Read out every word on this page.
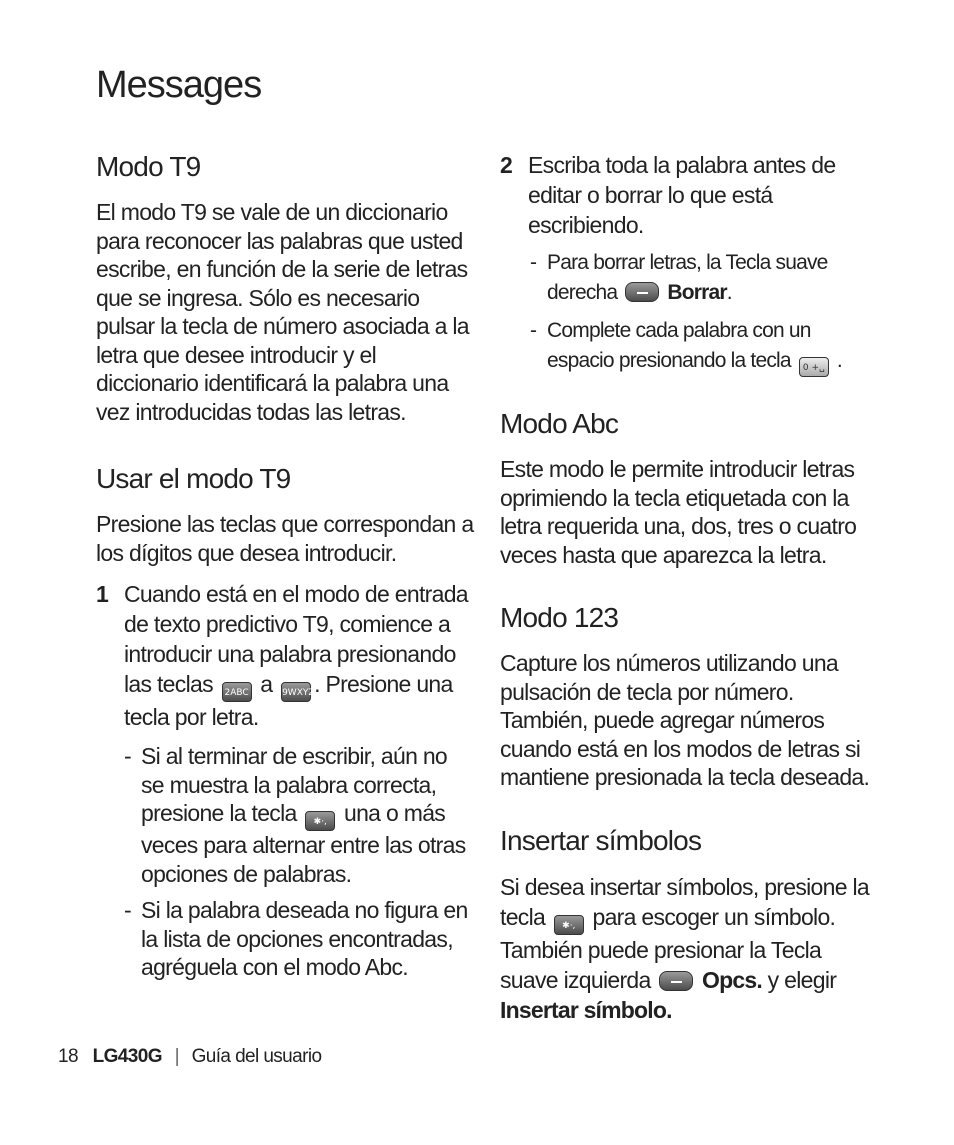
Messages
Modo T9

El modo T9 se vale de un diccionario para reconocer las palabras que usted escribe, en función de la serie de letras que se ingresa. Sólo es necesario pulsar la tecla de número asociada a la letra que desee introducir y el diccionario identificará la palabra una vez introducidas todas las letras.

Usar el modo T9

Presione las teclas que correspondan a los dígitos que desea introducir.

1 Cuando está en el modo de entrada de texto predictivo T9, comience a introducir una palabra presionando las teclas 2ABC a 9WXYZ. Presione una tecla por letra.
- Si al terminar de escribir, aún no se muestra la palabra correcta, presione la tecla ✱·, una o más veces para alternar entre las otras opciones de palabras.
- Si la palabra deseada no figura en la lista de opciones encontradas, agréguela con el modo Abc.
2 Escriba toda la palabra antes de editar o borrar lo que está escribiendo.
- Para borrar letras, la Tecla suave derecha Borrar.
- Complete cada palabra con un espacio presionando la tecla 0 +␣ .
Modo Abc

Este modo le permite introducir letras oprimiendo la tecla etiquetada con la letra requerida una, dos, tres o cuatro veces hasta que aparezca la letra.

Modo 123

Capture los números utilizando una pulsación de tecla por número. También, puede agregar números cuando está en los modos de letras si mantiene presionada la tecla deseada.

Insertar símbolos

Si desea insertar símbolos, presione la tecla ✱·, para escoger un símbolo. También puede presionar la Tecla suave izquierda Opcs. y elegir Insertar símbolo.

18 LG430G | Guía del usuario
